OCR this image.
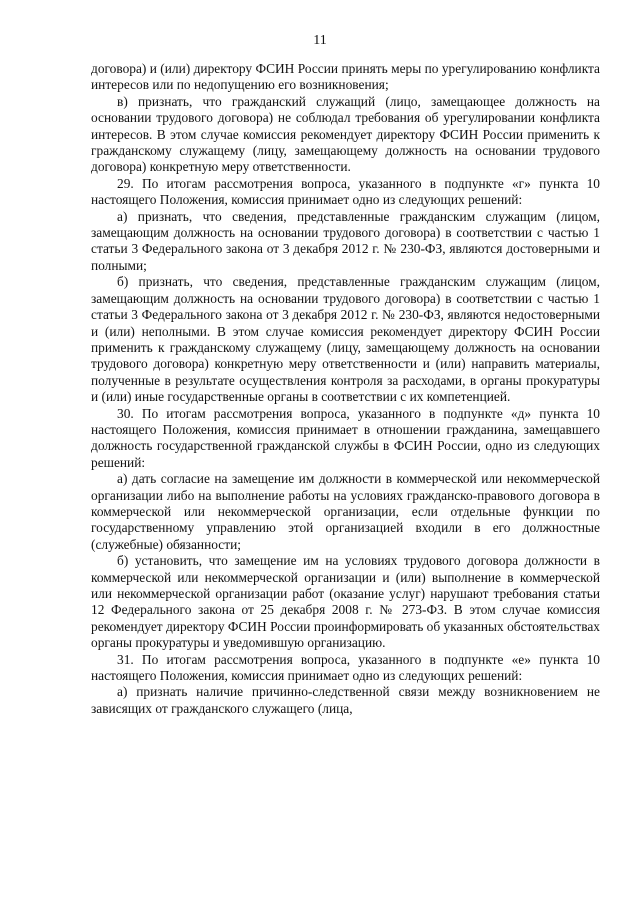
11

договора) и (или) директору ФСИН России принять меры по урегулированию конфликта интересов или по недопущению его возникновения;

в) признать, что гражданский служащий (лицо, замещающее должность на основании трудового договора) не соблюдал требования об урегулировании конфликта интересов. В этом случае комиссия рекомендует директору ФСИН России применить к гражданскому служащему (лицу, замещающему должность на основании трудового договора) конкретную меру ответственности.

29. По итогам рассмотрения вопроса, указанного в подпункте «г» пункта 10 настоящего Положения, комиссия принимает одно из следующих решений:

а) признать, что сведения, представленные гражданским служащим (лицом, замещающим должность на основании трудового договора) в соответствии с частью 1 статьи 3 Федерального закона от 3 декабря 2012 г. № 230-ФЗ, являются достоверными и полными;

б) признать, что сведения, представленные гражданским служащим (лицом, замещающим должность на основании трудового договора) в соответствии с частью 1 статьи 3 Федерального закона от 3 декабря 2012 г. № 230-ФЗ, являются недостоверными и (или) неполными. В этом случае комиссия рекомендует директору ФСИН России применить к гражданскому служащему (лицу, замещающему должность на основании трудового договора) конкретную меру ответственности и (или) направить материалы, полученные в результате осуществления контроля за расходами, в органы прокуратуры и (или) иные государственные органы в соответствии с их компетенцией.

30. По итогам рассмотрения вопроса, указанного в подпункте «д» пункта 10 настоящего Положения, комиссия принимает в отношении гражданина, замещавшего должность государственной гражданской службы в ФСИН России, одно из следующих решений:

а) дать согласие на замещение им должности в коммерческой или некоммерческой организации либо на выполнение работы на условиях гражданско-правового договора в коммерческой или некоммерческой организации, если отдельные функции по государственному управлению этой организацией входили в его должностные (служебные) обязанности;

б) установить, что замещение им на условиях трудового договора должности в коммерческой или некоммерческой организации и (или) выполнение в коммерческой или некоммерческой организации работ (оказание услуг) нарушают требования статьи 12 Федерального закона от 25 декабря 2008 г. № 273-ФЗ. В этом случае комиссия рекомендует директору ФСИН России проинформировать об указанных обстоятельствах органы прокуратуры и уведомившую организацию.

31. По итогам рассмотрения вопроса, указанного в подпункте «е» пункта 10 настоящего Положения, комиссия принимает одно из следующих решений:

а) признать наличие причинно-следственной связи между возникновением не зависящих от гражданского служащего (лица,
